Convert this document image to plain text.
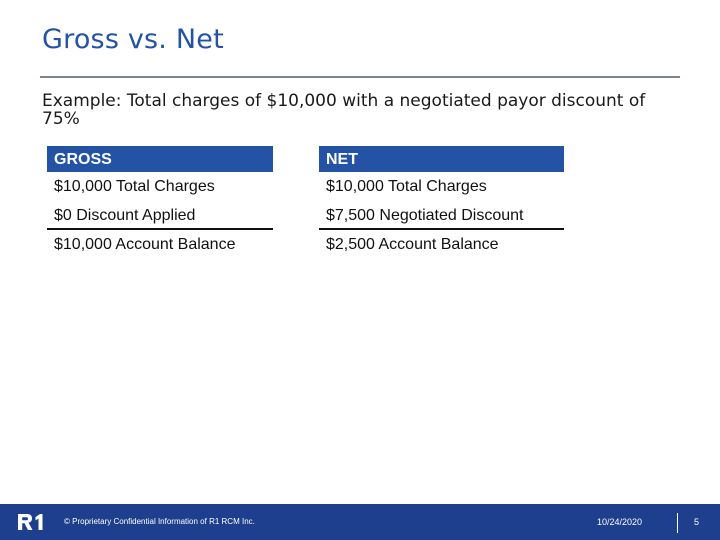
Gross vs. Net
Example: Total charges of $10,000 with a negotiated payor discount of 75%
GROSS
$10,000 Total Charges
$0 Discount Applied
$10,000 Account Balance
NET
$10,000 Total Charges
$7,500 Negotiated Discount
$2,500 Account Balance
© Proprietary Confidential Information of R1 RCM Inc.	10/24/2020	5
